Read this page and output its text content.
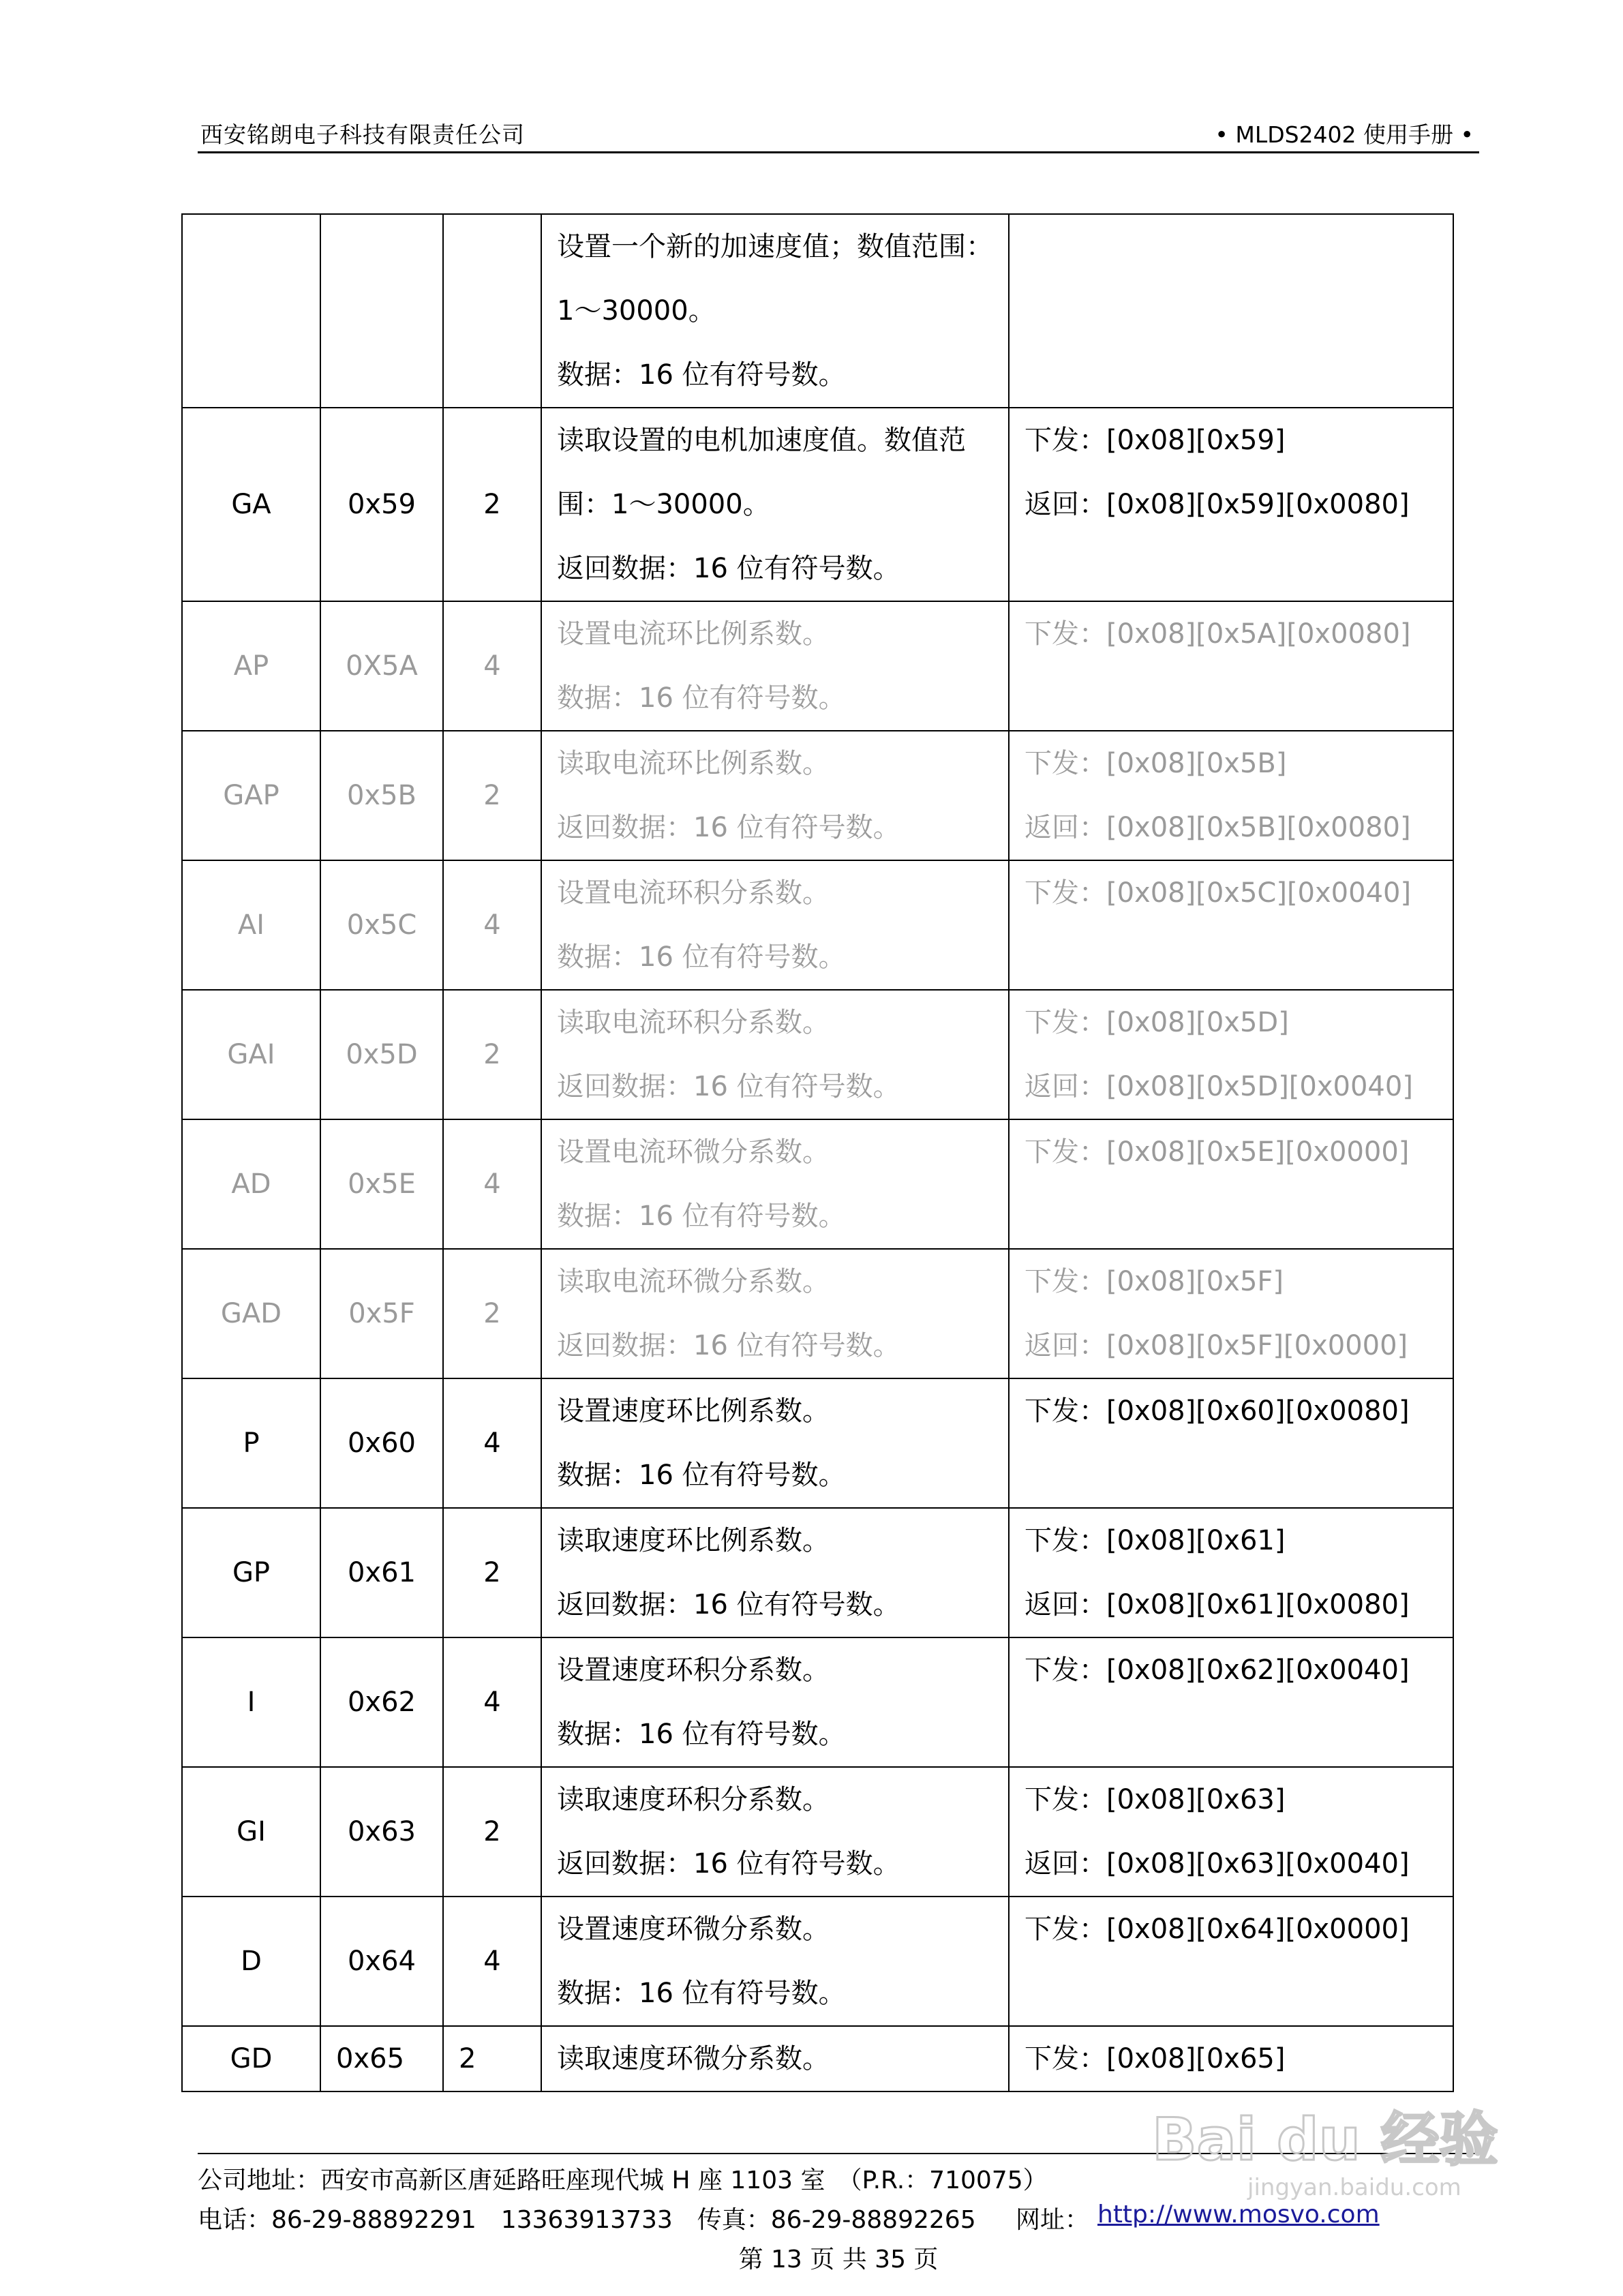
西安铭朗电子科技有限责任公司	• MLDS2402 使用手册 •

			设置一个新的加速度值；数值范围：
1～30000。
数据：16 位有符号数。	

GA	0x59	2	读取设置的电机加速度值。数值范
围：1～30000。
返回数据：16 位有符号数。	下发：[0x08][0x59]
返回：[0x08][0x59][0x0080]

AP	0X5A	4	设置电流环比例系数。
数据：16 位有符号数。	下发：[0x08][0x5A][0x0080]

GAP	0x5B	2	读取电流环比例系数。
返回数据：16 位有符号数。	下发：[0x08][0x5B]
返回：[0x08][0x5B][0x0080]

AI	0x5C	4	设置电流环积分系数。
数据：16 位有符号数。	下发：[0x08][0x5C][0x0040]

GAI	0x5D	2	读取电流环积分系数。
返回数据：16 位有符号数。	下发：[0x08][0x5D]
返回：[0x08][0x5D][0x0040]

AD	0x5E	4	设置电流环微分系数。
数据：16 位有符号数。	下发：[0x08][0x5E][0x0000]

GAD	0x5F	2	读取电流环微分系数。
返回数据：16 位有符号数。	下发：[0x08][0x5F]
返回：[0x08][0x5F][0x0000]

P	0x60	4	设置速度环比例系数。
数据：16 位有符号数。	下发：[0x08][0x60][0x0080]

GP	0x61	2	读取速度环比例系数。
返回数据：16 位有符号数。	下发：[0x08][0x61]
返回：[0x08][0x61][0x0080]

I	0x62	4	设置速度环积分系数。
数据：16 位有符号数。	下发：[0x08][0x62][0x0040]

GI	0x63	2	读取速度环积分系数。
返回数据：16 位有符号数。	下发：[0x08][0x63]
返回：[0x08][0x63][0x0040]

D	0x64	4	设置速度环微分系数。
数据：16 位有符号数。	下发：[0x08][0x64][0x0000]

GD	0x65	2	读取速度环微分系数。	下发：[0x08][0x65]
公司地址：西安市高新区唐延路旺座现代城 H 座 1103 室　（P.R.：710075）
电话：86-29-88892291　13363913733　传真：86-29-88892265 网址： http://www.mosvo.com
第 13 页 共 35 页
Bai du 经验
jingyan.baidu.com
